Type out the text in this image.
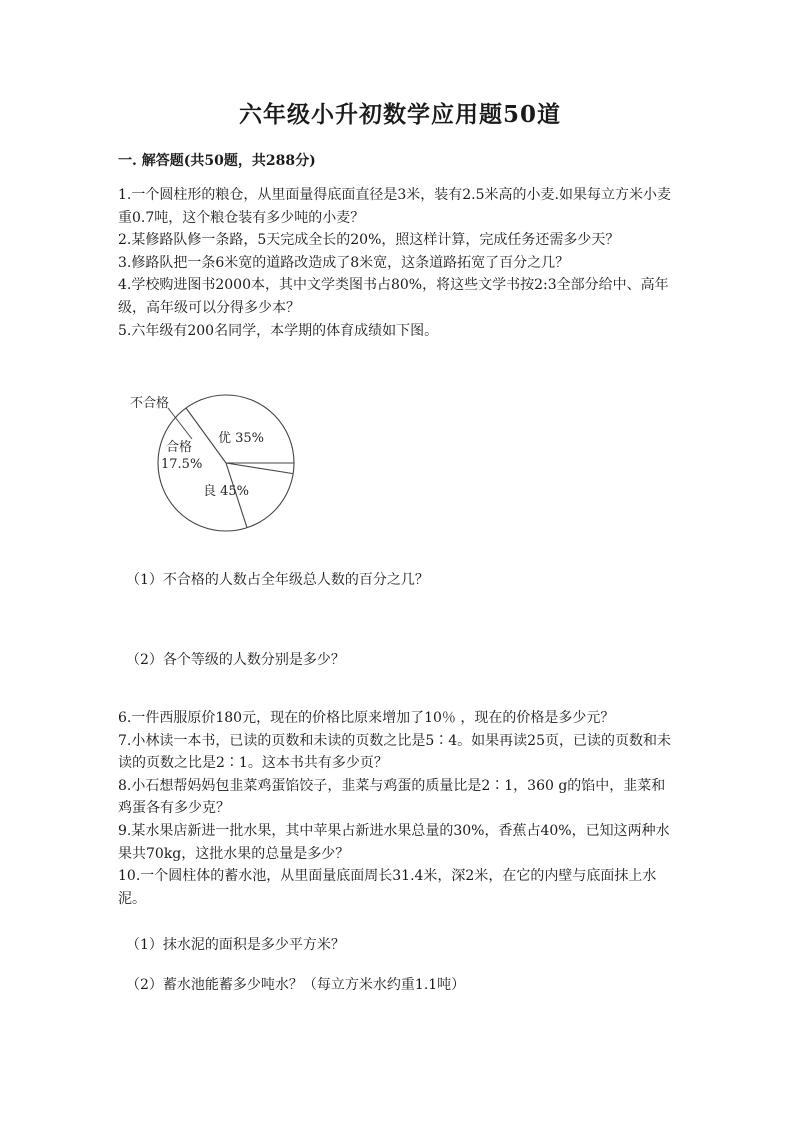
六年级小升初数学应用题50道
一. 解答题(共50题，共288分)

1.一个圆柱形的粮仓，从里面量得底面直径是3米，装有2.5米高的小麦.如果每立方米小麦重0.7吨，这个粮仓装有多少吨的小麦？

2.某修路队修一条路，5天完成全长的20%，照这样计算，完成任务还需多少天？

3.修路队把一条6米宽的道路改造成了8米宽，这条道路拓宽了百分之几？

4.学校购进图书2000本，其中文学类图书占80%，将这些文学书按2:3全部分给中、高年级，高年级可以分得多少本？

5.六年级有200名同学，本学期的体育成绩如下图。

优 35%
良 45%
合格
17.5%
不合格
（1）不合格的人数占全年级总人数的百分之几？
（2）各个等级的人数分别是多少？

6.一件西服原价180元，现在的价格比原来增加了10％ ，现在的价格是多少元？

7.小林读一本书，已读的页数和未读的页数之比是5∶4。如果再读25页，已读的页数和未读的页数之比是2∶1。这本书共有多少页？

8.小石想帮妈妈包韭菜鸡蛋馅饺子，韭菜与鸡蛋的质量比是2∶1，360 g的馅中，韭菜和鸡蛋各有多少克？

9.某水果店新进一批水果，其中苹果占新进水果总量的30%，香蕉占40%，已知这两种水果共70kg，这批水果的总量是多少？

10.一个圆柱体的蓄水池，从里面量底面周长31.4米，深2米，在它的内壁与底面抹上水泥。

（1）抹水泥的面积是多少平方米？
（2）蓄水池能蓄多少吨水？（每立方米水约重1.1吨）
